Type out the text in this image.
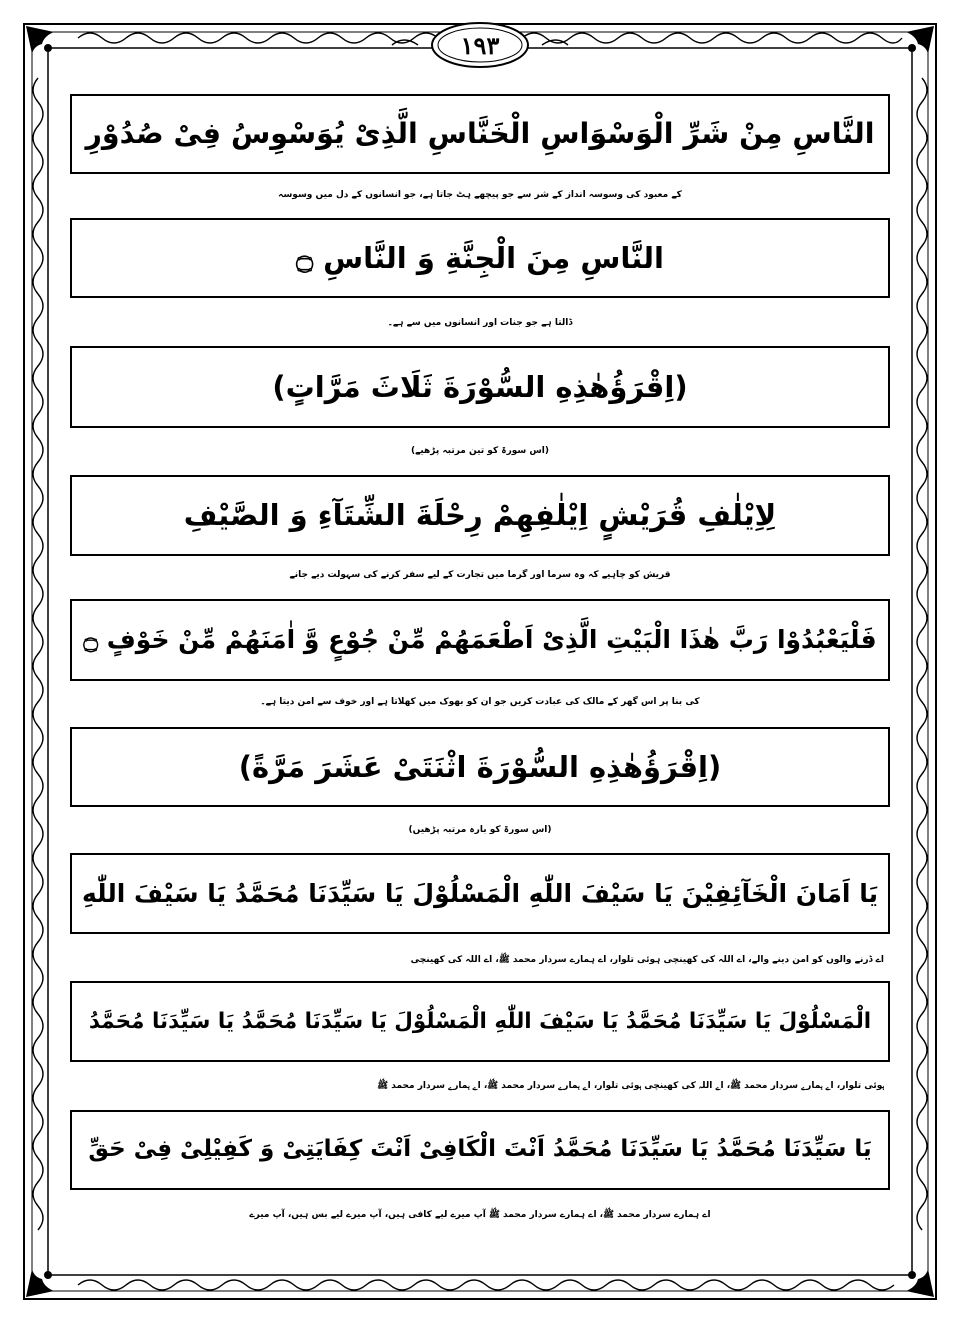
۱۹۳
النَّاسِ مِنْ شَرِّ الْوَسْوَاسِ الْخَنَّاسِ الَّذِیْ یُوَسْوِسُ فِیْ صُدُوْرِ
کے معبود کی وسوسہ انداز کے شر سے جو پیچھے ہٹ جاتا ہے، جو انسانوں کے دل میں وسوسہ
النَّاسِ مِنَ الْجِنَّةِ وَ النَّاسِ ۝
ڈالتا ہے جو جنات اور انسانوں میں سے ہے۔
(اِقْرَؤُهٰذِهِ السُّوْرَةَ ثَلَاثَ مَرَّاتٍ)
(اس سورۃ کو تین مرتبہ پڑھیے)
لِاِیْلٰفِ قُرَیْشٍ اِیْلٰفِهِمْ رِحْلَةَ الشِّتَآءِ وَ الصَّیْفِ
قریش کو چاہیے کہ وہ سرما اور گرما میں تجارت کے لیے سفر کرنے کی سہولت دیے جانے
فَلْیَعْبُدُوْا رَبَّ هٰذَا الْبَیْتِ الَّذِیْ اَطْعَمَهُمْ مِّنْ جُوْعٍ وَّ اٰمَنَهُمْ مِّنْ خَوْفٍ ۝
کی بنا پر اس گھر کے مالک کی عبادت کریں جو ان کو بھوک میں کھلاتا ہے اور خوف سے امن دیتا ہے۔
(اِقْرَؤُهٰذِهِ السُّوْرَةَ اثْنَتَیْ عَشَرَ مَرَّةً)
(اس سورۃ کو بارہ مرتبہ پڑھیں)
یَا اَمَانَ الْخَآئِفِیْنَ یَا سَیْفَ اللّٰهِ الْمَسْلُوْلَ یَا سَیِّدَنَا مُحَمَّدُ یَا سَیْفَ اللّٰهِ
اے ڈرنے والوں کو امن دینے والے، اے اللہ کی کھینچی ہوئی تلوار، اے ہمارے سردار محمد ﷺ، اے اللہ کی کھینچی
الْمَسْلُوْلَ یَا سَیِّدَنَا مُحَمَّدُ یَا سَیْفَ اللّٰهِ الْمَسْلُوْلَ یَا سَیِّدَنَا مُحَمَّدُ یَا سَیِّدَنَا مُحَمَّدُ
ہوئی تلوار، اے ہمارے سردار محمد ﷺ، اے اللہ کی کھینچی ہوئی تلوار، اے ہمارے سردار محمد ﷺ، اے ہمارے سردار محمد ﷺ
یَا سَیِّدَنَا مُحَمَّدُ یَا سَیِّدَنَا مُحَمَّدُ اَنْتَ الْکَافِیْ اَنْتَ کِفَایَتِیْ وَ کَفِیْلِیْ فِیْ حَقِّ
اے ہمارے سردار محمد ﷺ، اے ہمارے سردار محمد ﷺ آپ میرے لیے کافی ہیں، آپ میرے لیے بس ہیں، آپ میرے
